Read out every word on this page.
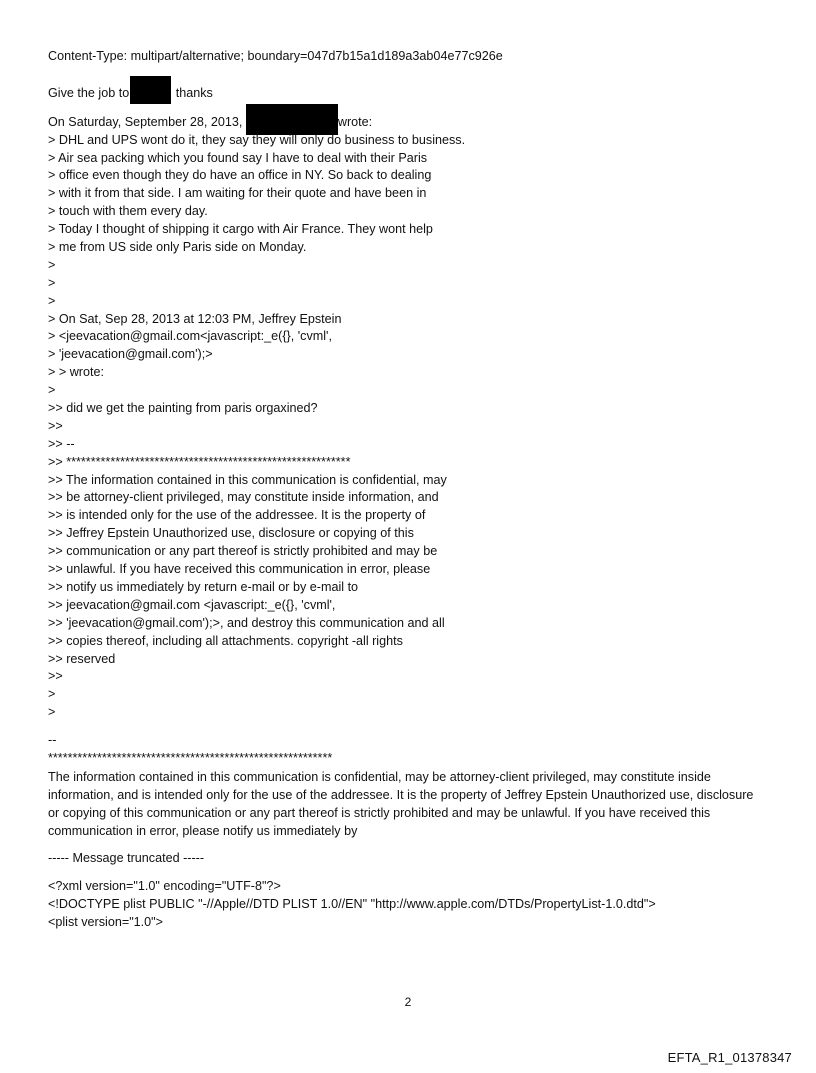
Content-Type: multipart/alternative; boundary=047d7b15a1d189a3ab04e77c926e
Give the job to	thanks
On Saturday, September 28, 2013,	wrote:
> DHL and UPS wont do it, they say they will only do business to business.
> Air sea packing which you found say I have to deal with their Paris
> office even though they do have an office in NY. So back to dealing
> with it from that side. I am waiting for their quote and have been in
> touch with them every day.
> Today I thought of shipping it cargo with Air France. They wont help
> me from US side only Paris side on Monday.
>
>
>
> On Sat, Sep 28, 2013 at 12:03 PM, Jeffrey Epstein
> <jeevacation@gmail.com<javascript:_e({}, 'cvml',
> 'jeevacation@gmail.com');>
> > wrote:
>
>> did we get the painting from paris orgaxined?
>>
>> --
>> **********************************************************
>> The information contained in this communication is confidential, may
>> be attorney-client privileged, may constitute inside information, and
>> is intended only for the use of the addressee. It is the property of
>> Jeffrey Epstein Unauthorized use, disclosure or copying of this
>> communication or any part thereof is strictly prohibited and may be
>> unlawful. If you have received this communication in error, please
>> notify us immediately by return e-mail or by e-mail to
>> jeevacation@gmail.com <javascript:_e({}, 'cvml',
>> 'jeevacation@gmail.com');>, and destroy this communication and all
>> copies thereof, including all attachments. copyright -all rights
>> reserved
>>
>
>
--
**********************************************************
The information contained in this communication is confidential, may be attorney-client privileged, may constitute inside information, and is intended only for the use of the addressee. It is the property of Jeffrey Epstein Unauthorized use, disclosure or copying of this communication or any part thereof is strictly prohibited and may be unlawful. If you have received this communication in error, please notify us immediately by
----- Message truncated -----
<?xml version="1.0" encoding="UTF-8"?>
<!DOCTYPE plist PUBLIC "-//Apple//DTD PLIST 1.0//EN" "http://www.apple.com/DTDs/PropertyList-1.0.dtd">
<plist version="1.0">
2
EFTA_R1_01378347
